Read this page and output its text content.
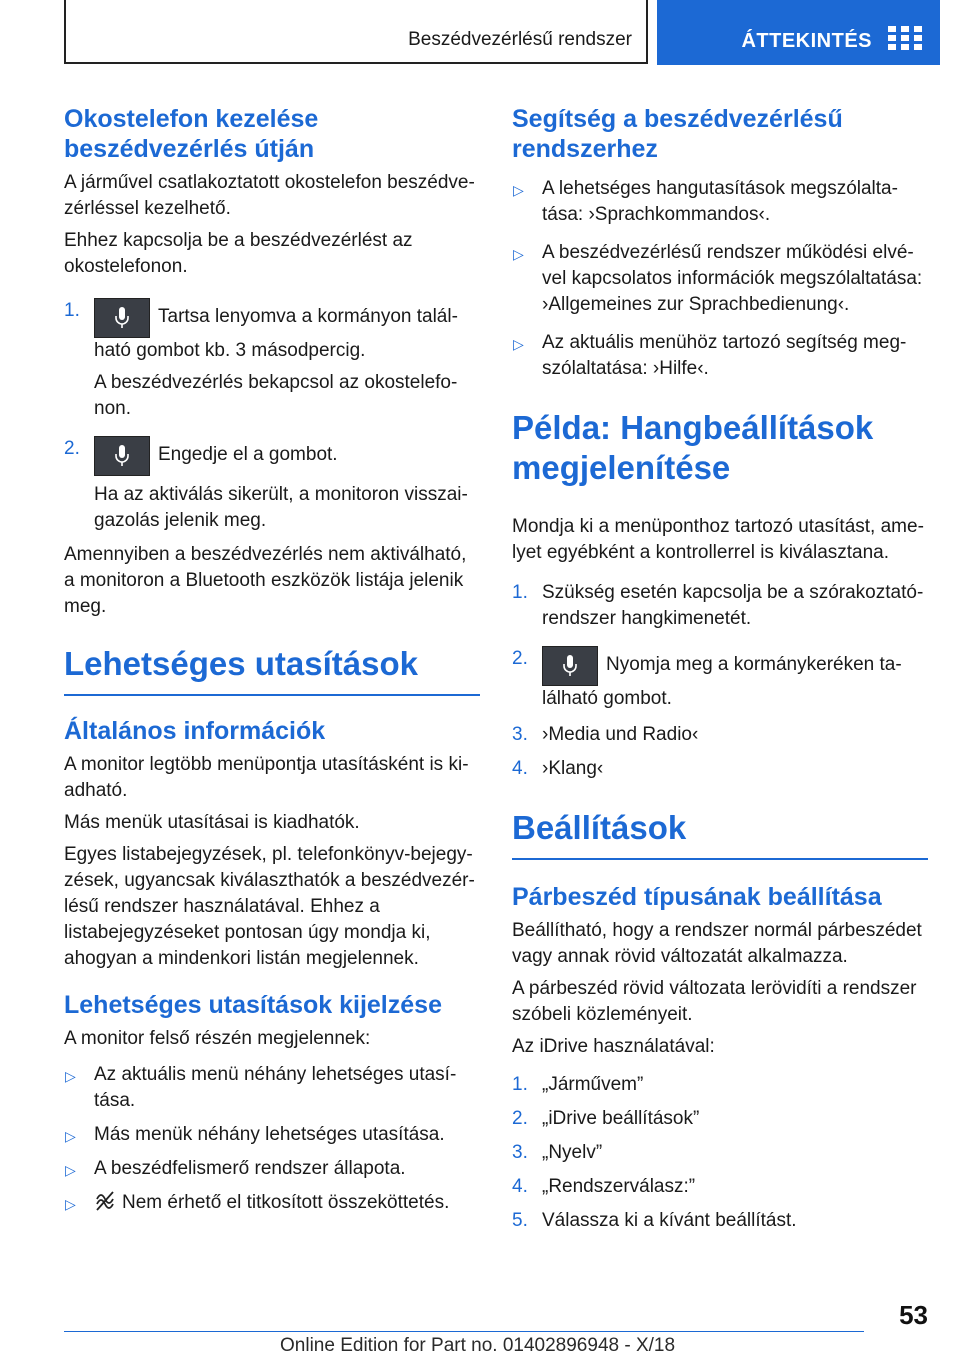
Beszédvezérlésű rendszer	ÁTTEKINTÉS
Okostelefon kezelése beszédvezérlés útján

A járművel csatlakoztatott okostelefon beszédvezérléssel kezelhető.

Ehhez kapcsolja be a beszédvezérlést az okostelefonon.

1.	Tartsa lenyomva a kormányon található gombot kb. 3 másodpercig.
A beszédvezérlés bekapcsol az okostelefonon.
2.	Engedje el a gombot.
Ha az aktiválás sikerült, a monitoron visszaigazolás jelenik meg.

Amennyiben a beszédvezérlés nem aktiválható, a monitoron a Bluetooth eszközök listája jelenik meg.

Lehetséges utasítások
Általános információk

A monitor legtöbb menüpontja utasításként is kiadható.

Más menük utasításai is kiadhatók.

Egyes listabejegyzések, pl. telefonkönyv-bejegyzések, ugyancsak kiválaszthatók a beszédvezérlésű rendszer használatával. Ehhez a listabejegyzéseket pontosan úgy mondja ki, ahogyan a mindenkori listán megjelennek.

Lehetséges utasítások kijelzése

A monitor felső részén megjelennek:

▷ Az aktuális menü néhány lehetséges utasítása.
▷ Más menük néhány lehetséges utasítása.
▷ A beszédfelismerő rendszer állapota.
▷ Nem érhető el titkosított összeköttetés.
Segítség a beszédvezérlésű rendszerhez
▷ A lehetséges hangutasítások megszólaltatása: ›Sprachkommandos‹.
▷ A beszédvezérlésű rendszer működési elvével kapcsolatos információk megszólaltatása: ›Allgemeines zur Sprachbedienung‹.
▷ Az aktuális menühöz tartozó segítség megszólaltatása: ›Hilfe‹.
Példa: Hangbeállítások megjelenítése

Mondja ki a menüponthoz tartozó utasítást, amelyet egyébként a kontrollerrel is kiválasztana.

1. Szükség esetén kapcsolja be a szórakoztatórendszer hangkimenetét.
2.	Nyomja meg a kormánykeréken található gombot.
3. ›Media und Radio‹
4. ›Klang‹
Beállítások
Párbeszéd típusának beállítása

Beállítható, hogy a rendszer normál párbeszédet vagy annak rövid változatát alkalmazza.

A párbeszéd rövid változata lerövidíti a rendszer szóbeli közleményeit.

Az iDrive használatával:

1. „Járművem”
2. „iDrive beállítások”
3. „Nyelv”
4. „Rendszerválasz:”
5. Válassza ki a kívánt beállítást.
53
Online Edition for Part no. 01402896948 - X/18
